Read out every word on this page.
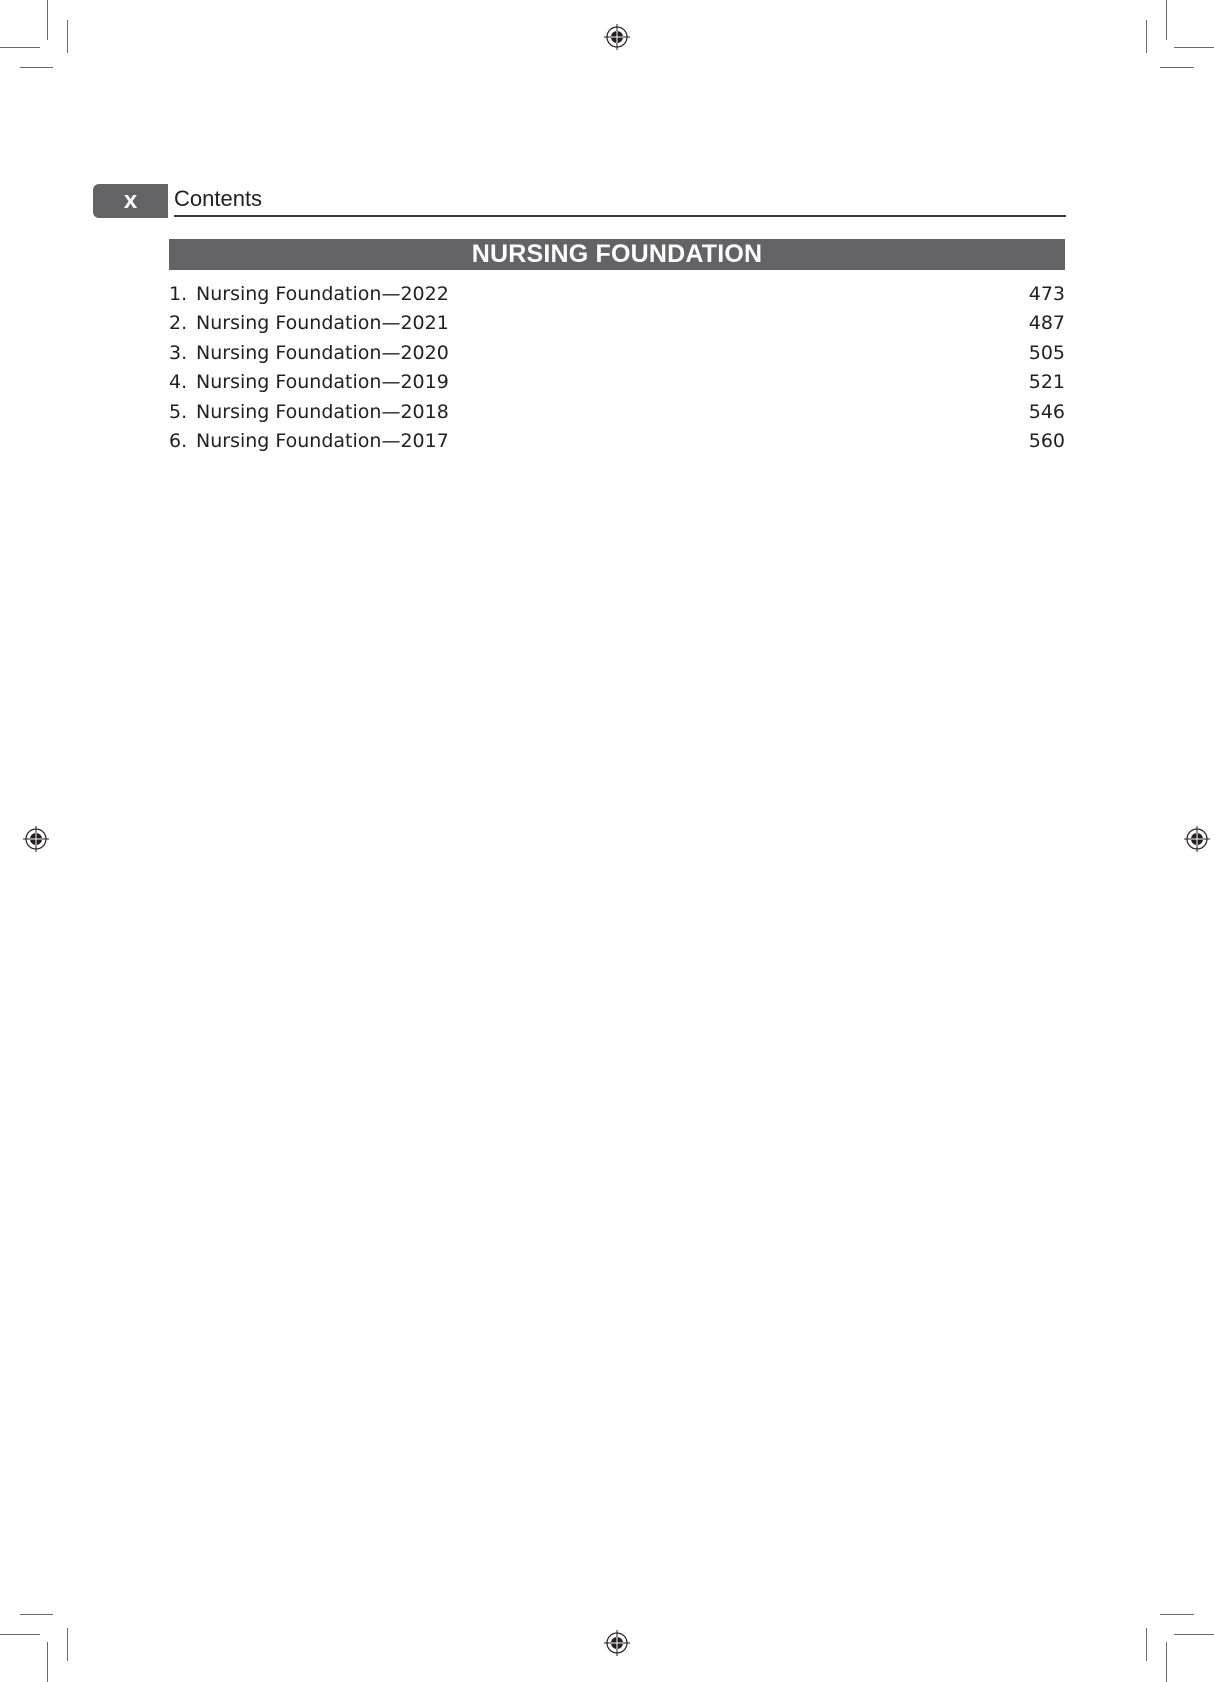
x	Contents
NURSING FOUNDATION
1. Nursing Foundation—2022	473
2. Nursing Foundation—2021	487
3. Nursing Foundation—2020	505
4. Nursing Foundation—2019	521
5. Nursing Foundation—2018	546
6. Nursing Foundation—2017	560
